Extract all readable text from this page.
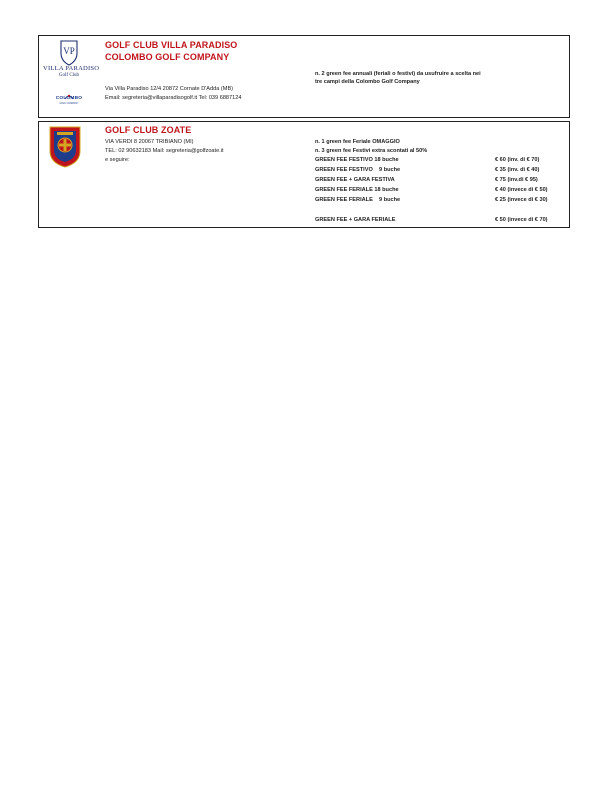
VP
VILLA PARADISO
Golf Club
COLOMBO
GOLF COMPANY
GOLF CLUB VILLA PARADISO
COLOMBO GOLF COMPANY
Via Villa Paradiso 12/4 20872 Cornate D'Adda (MB)
Email: segreteria@villaparadisogolf.it Tel: 039 6887124
n. 2 green fee annuali (feriali o festivi) da usufruire a scelta nei
tre campi della Colombo Golf Company
GOLF CLUB ZOATE
VIA VERDI 8 20067 TRIBIANO (MI)
TEL: 02 90632183 Mail: segreteria@golfzoate.it
e seguire:
n. 1 green fee Feriale OMAGGIO
n. 3 green fee Festivi extra scontati al 50%
GREEN FEE FESTIVO 18 buche	€ 60 (inv. di € 70)
GREEN FEE FESTIVO    9 buche	€ 35 (inv. di € 40)
GREEN FEE + GARA FESTIVA	€ 75 (inv.di € 95)
GREEN FEE FERIALE 18 buche	€ 40 (invece di € 50)
GREEN FEE FERIALE    9 buche	€ 25 (invece di € 30)
GREEN FEE + GARA FERIALE	€ 50 (invece di € 70)
